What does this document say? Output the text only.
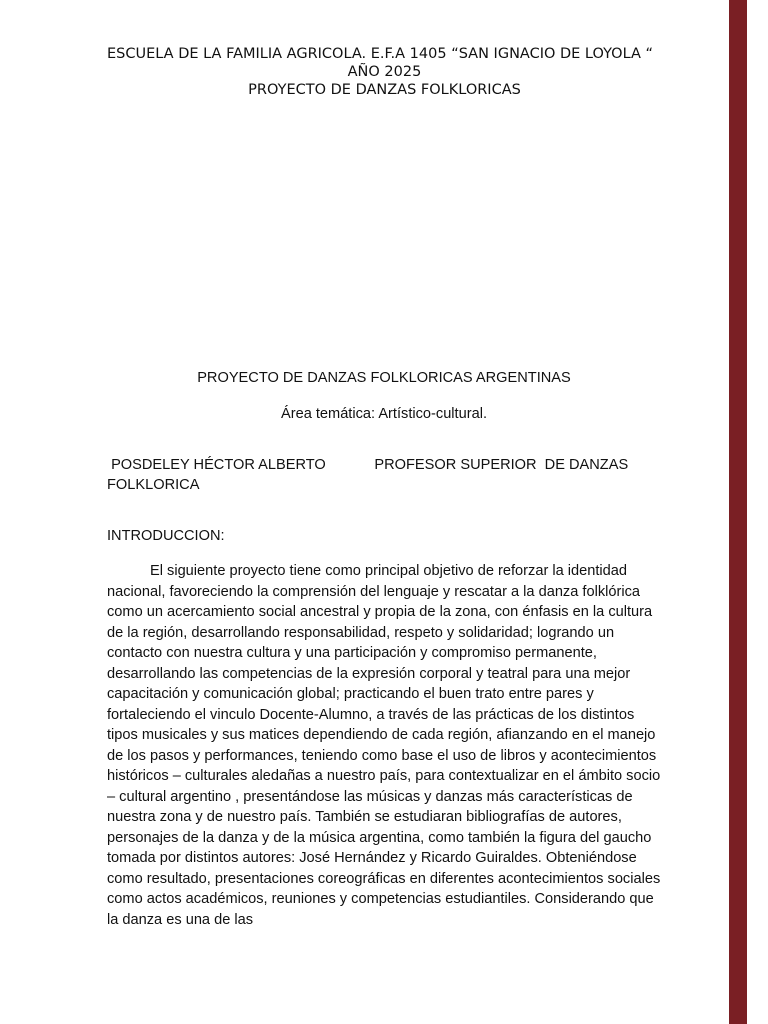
ESCUELA DE LA FAMILIA AGRICOLA. E.F.A 1405 “SAN IGNACIO DE LOYOLA “

AÑO 2025

PROYECTO DE DANZAS FOLKLORICAS

PROYECTO DE DANZAS FOLKLORICAS ARGENTINAS
Área temática: Artístico-cultural.
POSDELEY HÉCTOR ALBERTO            PROFESOR SUPERIOR  DE DANZAS FOLKLORICA
INTRODUCCION:

El siguiente proyecto tiene como principal objetivo de reforzar la identidad nacional, favoreciendo la comprensión del lenguaje y rescatar a la danza folklórica como un acercamiento social ancestral y propia de la zona, con énfasis en la cultura de la región, desarrollando responsabilidad, respeto y solidaridad; logrando un contacto con nuestra cultura y una participación y compromiso permanente, desarrollando las competencias de la expresión corporal y teatral para una mejor capacitación y comunicación global; practicando el buen trato entre pares y fortaleciendo el vinculo Docente-Alumno, a través de las prácticas de los distintos tipos musicales y sus matices dependiendo de cada región, afianzando en el manejo de los pasos y performances, teniendo como base el uso de libros y acontecimientos históricos – culturales aledañas a nuestro país, para contextualizar en el ámbito socio – cultural argentino , presentándose las músicas y danzas más características de nuestra zona y de nuestro país. También se estudiaran bibliografías de autores, personajes de la danza y de la música argentina, como también la figura del gaucho tomada por distintos autores: José Hernández y Ricardo Guiraldes. Obteniéndose como resultado, presentaciones coreográficas en diferentes acontecimientos sociales como actos académicos, reuniones y competencias estudiantiles. Considerando que la danza es una de las
